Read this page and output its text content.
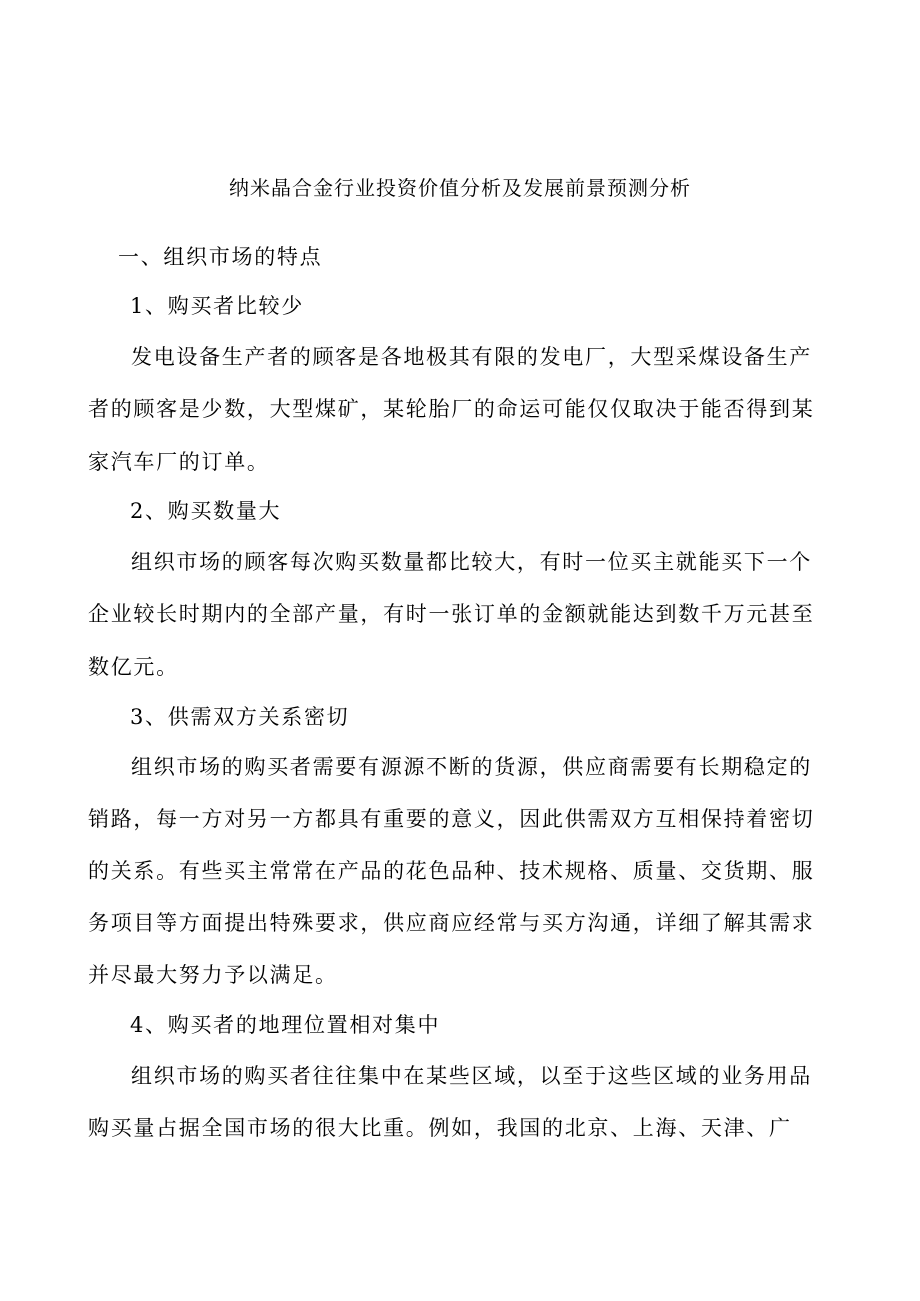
纳米晶合金行业投资价值分析及发展前景预测分析
一、组织市场的特点
1、购买者比较少
发电设备生产者的顾客是各地极其有限的发电厂，大型采煤设备生产
者的顾客是少数，大型煤矿，某轮胎厂的命运可能仅仅取决于能否得到某
家汽车厂的订单。
2、购买数量大
组织市场的顾客每次购买数量都比较大，有时一位买主就能买下一个
企业较长时期内的全部产量，有时一张订单的金额就能达到数千万元甚至
数亿元。
3、供需双方关系密切
组织市场的购买者需要有源源不断的货源，供应商需要有长期稳定的
销路，每一方对另一方都具有重要的意义，因此供需双方互相保持着密切
的关系。有些买主常常在产品的花色品种、技术规格、质量、交货期、服
务项目等方面提出特殊要求，供应商应经常与买方沟通，详细了解其需求
并尽最大努力予以满足。
4、购买者的地理位置相对集中
组织市场的购买者往往集中在某些区域，以至于这些区域的业务用品
购买量占据全国市场的很大比重。例如，我国的北京、上海、天津、广
